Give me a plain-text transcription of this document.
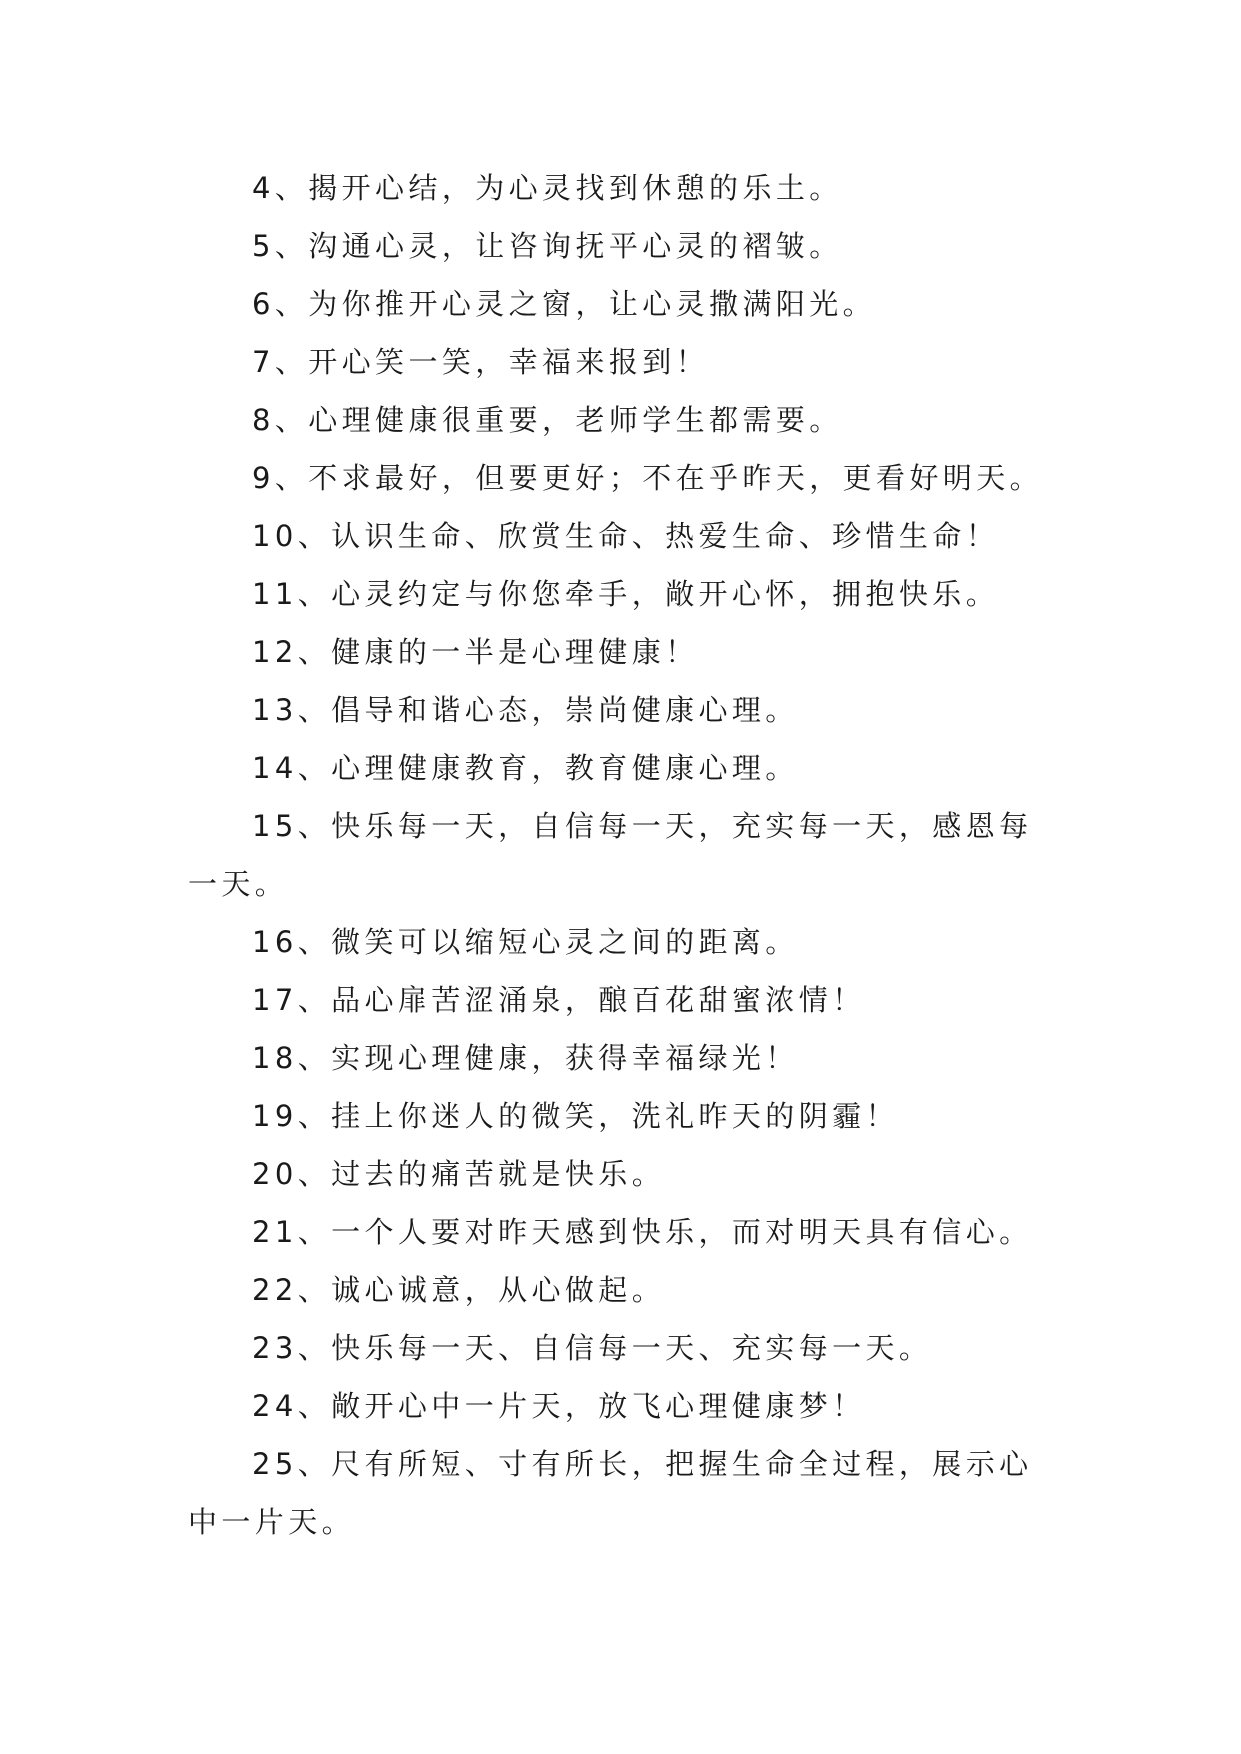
4、揭开心结，为心灵找到休憩的乐土。

5、沟通心灵，让咨询抚平心灵的褶皱。

6、为你推开心灵之窗，让心灵撒满阳光。

7、开心笑一笑，幸福来报到！

8、心理健康很重要，老师学生都需要。

9、不求最好，但要更好；不在乎昨天，更看好明天。

10、认识生命、欣赏生命、热爱生命、珍惜生命！

11、心灵约定与你您牵手，敞开心怀，拥抱快乐。

12、健康的一半是心理健康！

13、倡导和谐心态，崇尚健康心理。

14、心理健康教育，教育健康心理。

15、快乐每一天，自信每一天，充实每一天，感恩每一天。

16、微笑可以缩短心灵之间的距离。

17、品心扉苦涩涌泉，酿百花甜蜜浓情！

18、实现心理健康，获得幸福绿光！

19、挂上你迷人的微笑，洗礼昨天的阴霾！

20、过去的痛苦就是快乐。

21、一个人要对昨天感到快乐，而对明天具有信心。

22、诚心诚意，从心做起。

23、快乐每一天、自信每一天、充实每一天。

24、敞开心中一片天，放飞心理健康梦！

25、尺有所短、寸有所长，把握生命全过程，展示心中一片天。
